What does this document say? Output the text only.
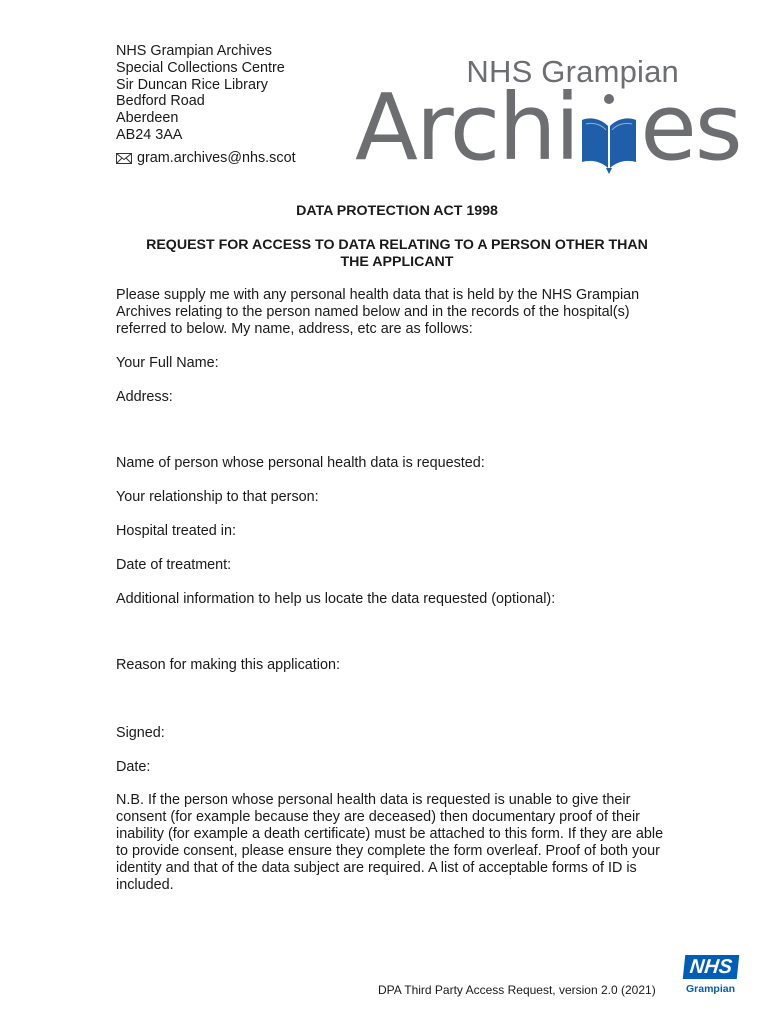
NHS Grampian Archives
Special Collections Centre
Sir Duncan Rice Library
Bedford Road
Aberdeen
AB24 3AA
gram.archives@nhs.scot
NHS Grampian
Archi es
DATA PROTECTION ACT 1998
REQUEST FOR ACCESS TO DATA RELATING TO A PERSON OTHER THAN
THE APPLICANT
Please supply me with any personal health data that is held by the NHS Grampian Archives relating to the person named below and in the records of the hospital(s) referred to below. My name, address, etc are as follows:
Your Full Name:
Address:
Name of person whose personal health data is requested:
Your relationship to that person:
Hospital treated in:
Date of treatment:
Additional information to help us locate the data requested (optional):
Reason for making this application:
Signed:
Date:
N.B. If the person whose personal health data is requested is unable to give their consent (for example because they are deceased) then documentary proof of their inability (for example a death certificate) must be attached to this form. If they are able to provide consent, please ensure they complete the form overleaf. Proof of both your identity and that of the data subject are required. A list of acceptable forms of ID is included.
DPA Third Party Access Request, version 2.0 (2021)
NHS
Grampian
